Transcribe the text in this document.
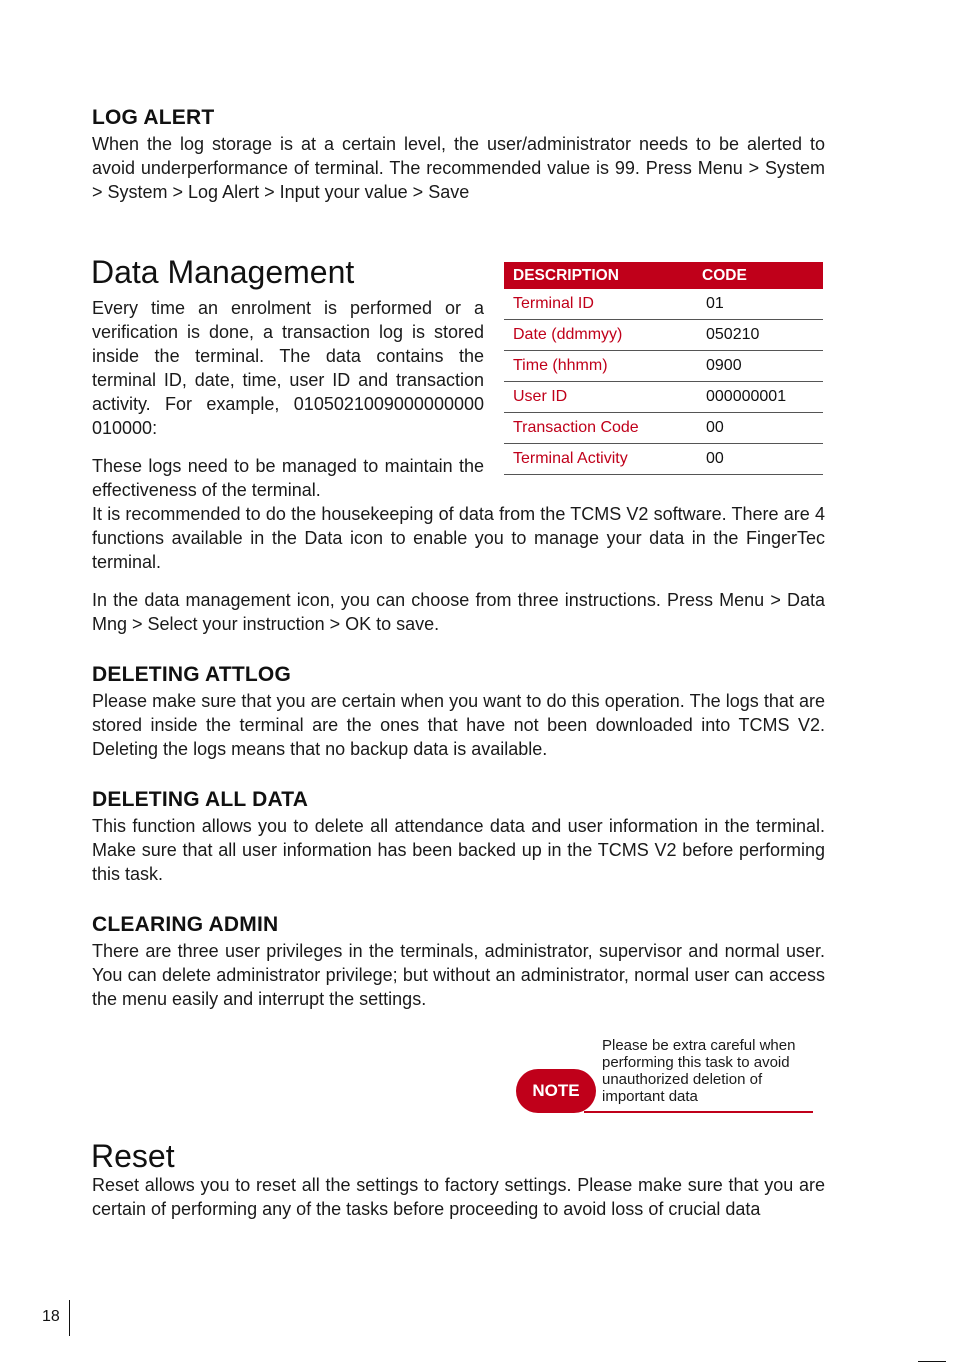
LOG ALERT
When the log storage is at a certain level, the user/administrator needs to be alerted to avoid underperformance of terminal. The recommended value is 99. Press Menu > System > System > Log Alert > Input your value > Save
Data Management
Every time an enrolment is performed or a verification is done, a transaction log is stored inside the terminal. The data contains the terminal ID, date, time, user ID and transaction activity. For example, 0105021009000000000 010000:
These logs need to be managed to maintain the effectiveness of the terminal.
It is recommended to do the housekeeping of data from the TCMS V2 software. There are 4 functions available in the Data icon to enable you to manage your data in the FingerTec terminal.
In the data management icon, you can choose from three instructions. Press Menu > Data Mng > Select your instruction > OK to save.
DESCRIPTION	CODE
Terminal ID	01
Date (ddmmyy)	050210
Time (hhmm)	0900
User ID	000000001
Transaction Code	00
Terminal Activity	00
DELETING ATTLOG
Please make sure that you are certain when you want to do this operation. The logs that are stored inside the terminal are the ones that have not been downloaded into TCMS V2. Deleting the logs means that no backup data is available.
DELETING ALL DATA
This function allows you to delete all attendance data and user information in the terminal. Make sure that all user information has been backed up in the TCMS V2 before performing this task.
CLEARING ADMIN
There are three user privileges in the terminals, administrator, supervisor and normal user. You can delete administrator privilege; but without an administrator, normal user can access the menu easily and interrupt the settings.
NOTE
Please be extra careful when performing this task to avoid unauthorized deletion of important data
Reset
Reset allows you to reset all the settings to factory settings. Please make sure that you are certain of performing any of the tasks before proceeding to avoid loss of crucial data
18
